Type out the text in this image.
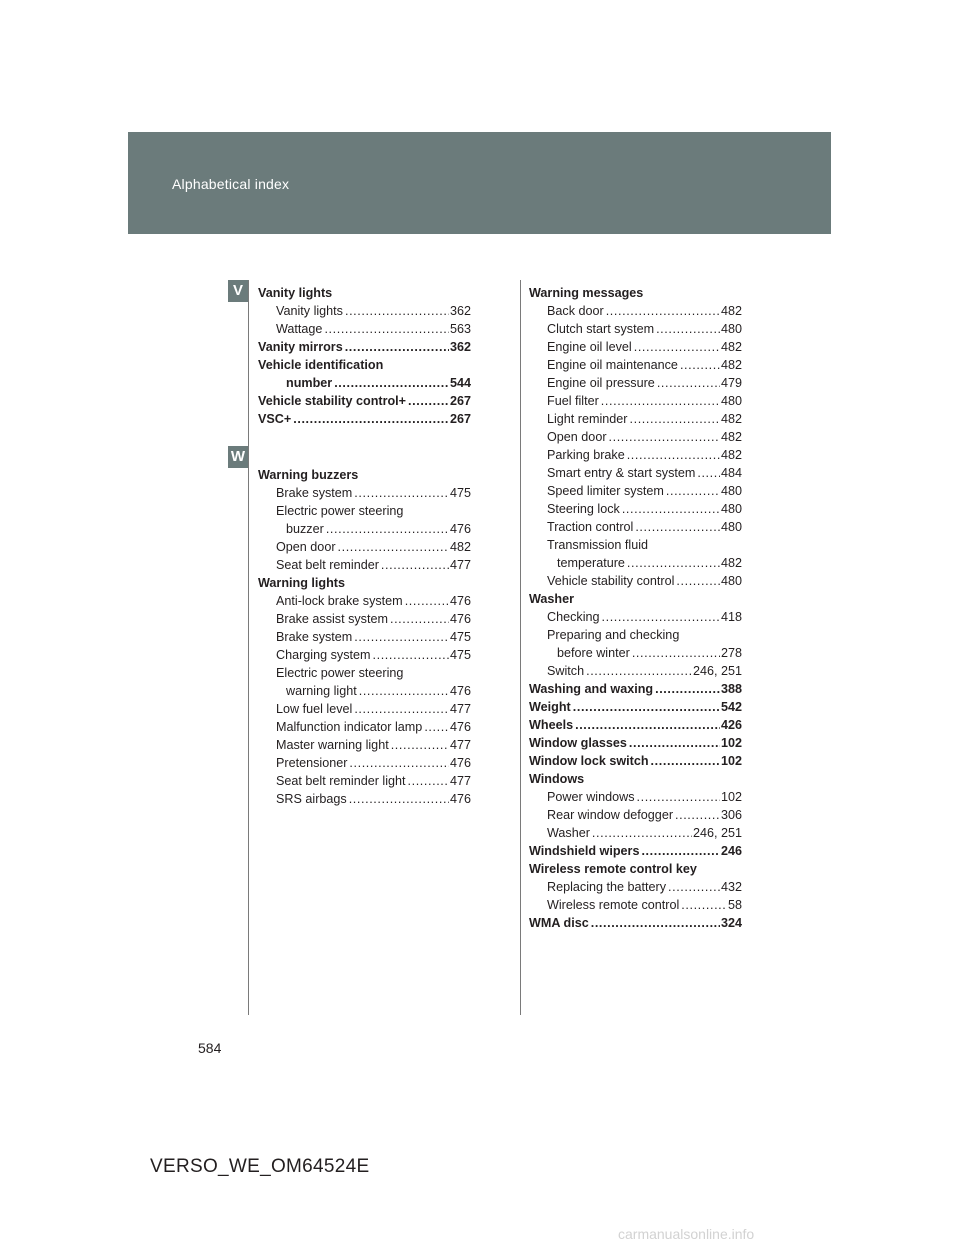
Alphabetical index
V
W
Vanity lights
Vanity lights .....	362
Wattage .....	563
Vanity mirrors .....	362
Vehicle identification
number .....	544
Vehicle stability control+ .....	267
VSC+ .....	267
Warning buzzers
Brake system .....	475
Electric power steering
buzzer .....	476
Open door .....	482
Seat belt reminder .....	477
Warning lights
Anti-lock brake system .....	476
Brake assist system .....	476
Brake system .....	475
Charging system .....	475
Electric power steering
warning light .....	476
Low fuel level .....	477
Malfunction indicator lamp ..... 476
Master warning light .....	477
Pretensioner .....	476
Seat belt reminder light .....	477
SRS airbags .....	476
Warning messages
Back door .....	482
Clutch start system .....	480
Engine oil level .....	482
Engine oil maintenance .....	482
Engine oil pressure .....	479
Fuel filter .....	480
Light reminder .....	482
Open door .....	482
Parking brake .....	482
Smart entry & start system ..... 484
Speed limiter system .....	480
Steering lock .....	480
Traction control .....	480
Transmission fluid
temperature .....	482
Vehicle stability control .....	480
Washer
Checking .....	418
Preparing and checking
before winter .....	278
Switch .....	246, 251
Washing and waxing .....	388
Weight .....	542
Wheels .....	426
Window glasses .....	102
Window lock switch .....	102
Windows
Power windows .....	102
Rear window defogger .....	306
Washer .....	246, 251
Windshield wipers .....	246
Wireless remote control key
Replacing the battery .....	432
Wireless remote control .....	58
WMA disc .....	324
584
VERSO_WE_OM64524E
carmanualsonline.info
